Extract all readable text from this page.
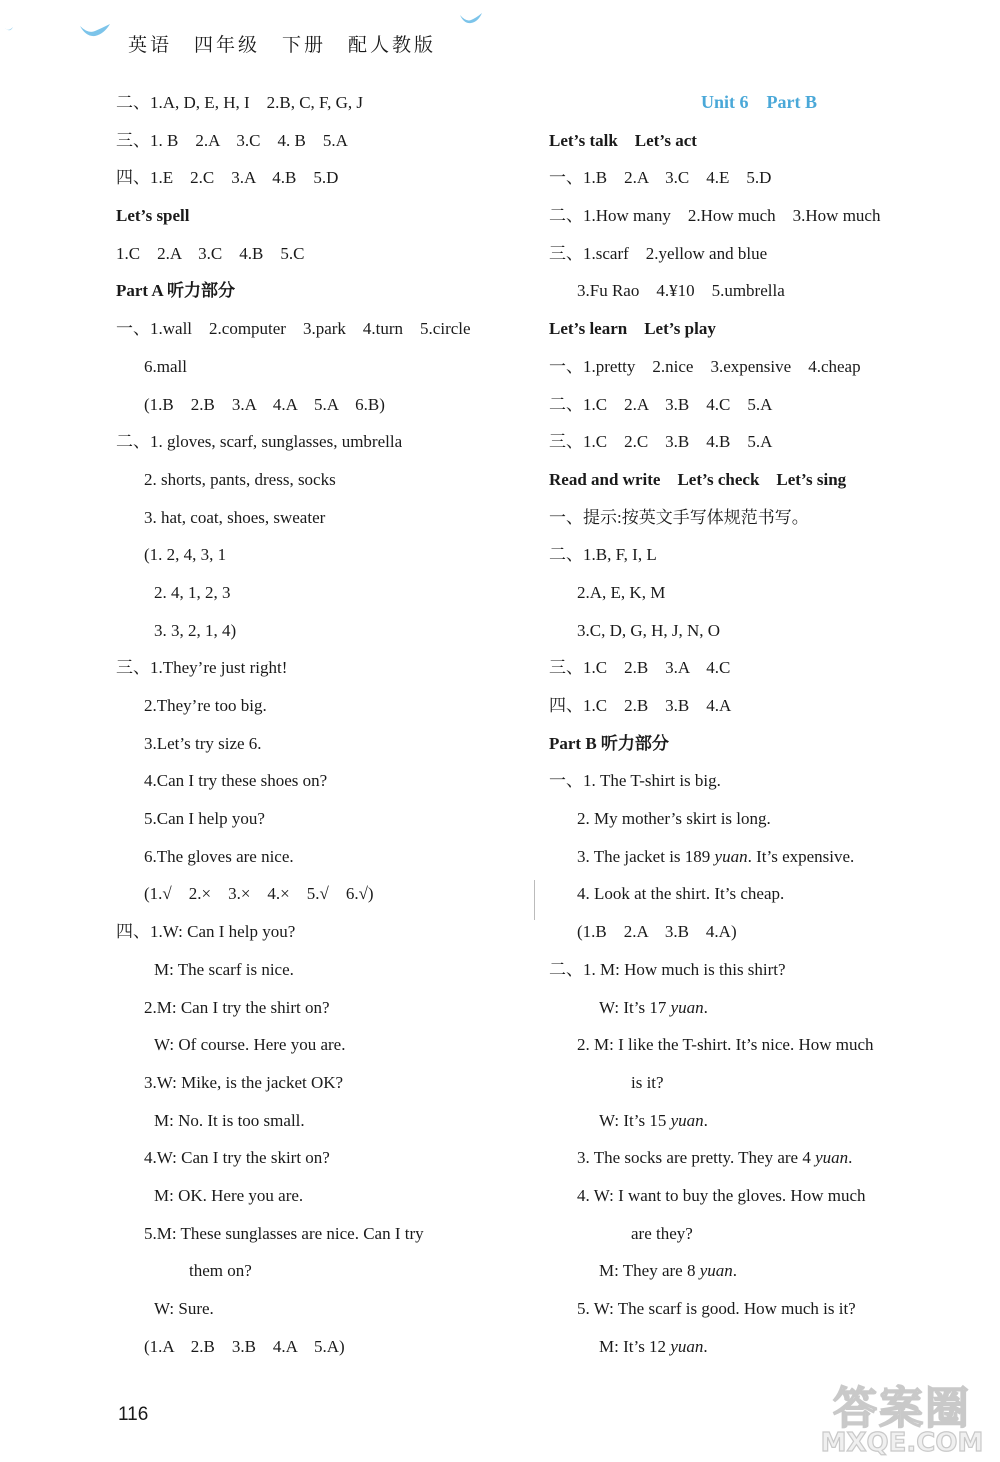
英语　四年级　下册　配人教版
二、1.A, D, E, H, I　2.B, C, F, G, J
三、1. B　2.A　3.C　4. B　5.A
四、1.E　2.C　3.A　4.B　5.D
Let’s spell
1.C　2.A　3.C　4.B　5.C
Part A 听力部分
一、1.wall　2.computer　3.park　4.turn　5.circle
6.mall
(1.B　2.B　3.A　4.A　5.A　6.B)
二、1. gloves, scarf, sunglasses, umbrella
2. shorts, pants, dress, socks
3. hat, coat, shoes, sweater
(1. 2, 4, 3, 1
2. 4, 1, 2, 3
3. 3, 2, 1, 4)
三、1.They’re just right!
2.They’re too big.
3.Let’s try size 6.
4.Can I try these shoes on?
5.Can I help you?
6.The gloves are nice.
(1.√　2.×　3.×　4.×　5.√　6.√)
四、1.W: Can I help you?
M: The scarf is nice.
2.M: Can I try the shirt on?
W: Of course. Here you are.
3.W: Mike, is the jacket OK?
M: No. It is too small.
4.W: Can I try the skirt on?
M: OK. Here you are.
5.M: These sunglasses are nice. Can I try
them on?
W: Sure.
(1.A　2.B　3.B　4.A　5.A)
Unit 6　Part B
Let’s talk　Let’s act
一、1.B　2.A　3.C　4.E　5.D
二、1.How many　2.How much　3.How much
三、1.scarf　2.yellow and blue
3.Fu Rao　4.¥10　5.umbrella
Let’s learn　Let’s play
一、1.pretty　2.nice　3.expensive　4.cheap
二、1.C　2.A　3.B　4.C　5.A
三、1.C　2.C　3.B　4.B　5.A
Read and write　Let’s check　Let’s sing
一、提示:按英文手写体规范书写。
二、1.B, F, I, L
2.A, E, K, M
3.C, D, G, H, J, N, O
三、1.C　2.B　3.A　4.C
四、1.C　2.B　3.B　4.A
Part B 听力部分
一、1. The T-shirt is big.
2. My mother’s skirt is long.
3. The jacket is 189 yuan. It’s expensive.
4. Look at the shirt. It’s cheap.
(1.B　2.A　3.B　4.A)
二、1. M: How much is this shirt?
W: It’s 17 yuan.
2. M: I like the T-shirt. It’s nice. How much
is it?
W: It’s 15 yuan.
3. The socks are pretty. They are 4 yuan.
4. W: I want to buy the gloves. How much
are they?
M: They are 8 yuan.
5. W: The scarf is good. How much is it?
M: It’s 12 yuan.
116	答案圈
MXQE.COM
